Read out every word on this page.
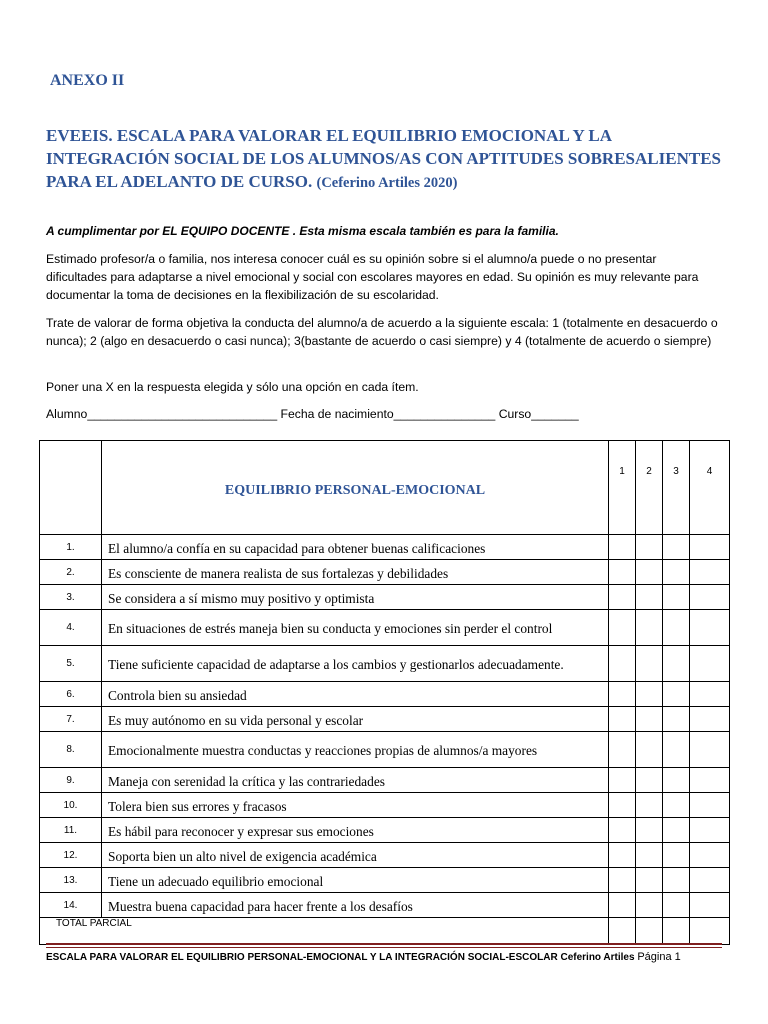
ANEXO II
EVEEIS. ESCALA PARA VALORAR EL EQUILIBRIO EMOCIONAL Y LA INTEGRACIÓN SOCIAL DE LOS ALUMNOS/AS CON APTITUDES SOBRESALIENTES PARA EL ADELANTO DE CURSO. (Ceferino Artiles 2020)
A cumplimentar por EL EQUIPO DOCENTE . Esta misma escala también es para la familia.
Estimado profesor/a o familia, nos interesa conocer cuál es su opinión sobre si el alumno/a puede o no presentar dificultades para adaptarse a nivel emocional y social con escolares mayores en edad. Su opinión es muy relevante para documentar la toma de decisiones en la flexibilización de su escolaridad.
Trate de valorar de forma objetiva la conducta del alumno/a de acuerdo a la siguiente escala: 1 (totalmente en desacuerdo o nunca); 2 (algo en desacuerdo o casi nunca); 3(bastante de acuerdo o casi siempre) y 4 (totalmente de acuerdo o siempre)
Poner una X en la respuesta elegida y sólo una opción en cada ítem.
Alumno____________________________ Fecha de nacimiento_______________ Curso_______
	EQUILIBRIO PERSONAL-EMOCIONAL	1	2	3	4
1.	El alumno/a confía en su capacidad para obtener buenas calificaciones				
2.	Es consciente de manera realista de sus fortalezas y debilidades				
3.	Se considera a sí mismo muy positivo y optimista				
4.	En situaciones de estrés maneja bien su conducta y emociones sin perder el control				
5.	Tiene suficiente capacidad de adaptarse a los cambios y gestionarlos adecuadamente.				
6.	Controla bien su ansiedad				
7.	Es muy autónomo en su vida personal y escolar				
8.	Emocionalmente muestra conductas y reacciones propias de alumnos/a mayores				
9.	Maneja con serenidad la crítica y las contrariedades				
10.	Tolera bien sus errores y fracasos				
11.	Es hábil para reconocer y expresar sus emociones				
12.	Soporta bien un alto nivel de exigencia académica				
13.	Tiene un adecuado equilibrio emocional				
14.	Muestra buena capacidad para hacer frente a los desafíos				
TOTAL PARCIAL					
ESCALA PARA VALORAR EL EQUILIBRIO PERSONAL-EMOCIONAL Y LA INTEGRACIÓN SOCIAL-ESCOLAR Ceferino Artiles Página 1
